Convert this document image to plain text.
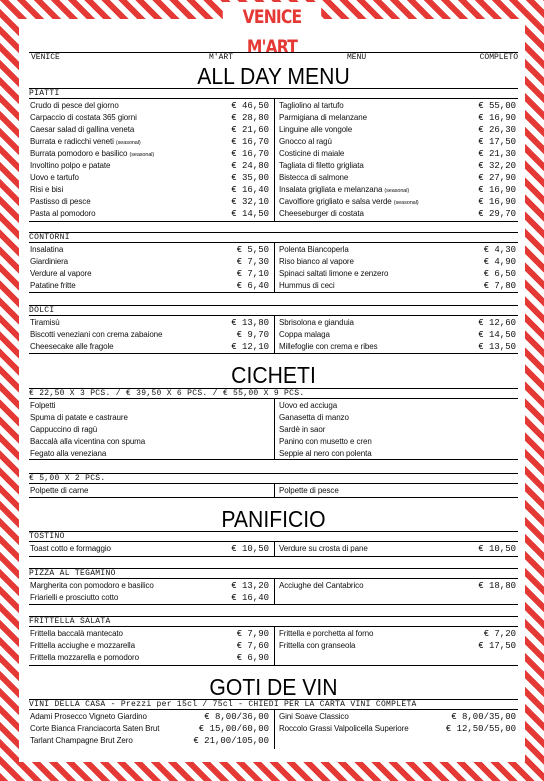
VENICE M'ART
VENICE	M'ART	MENU	COMPLETO
ALL DAY MENU
PIATTI
Crudo di pesce del giorno	€ 46,50
Carpaccio di costata 365 giorni	€ 28,80
Caesar salad di gallina veneta	€ 21,60
Burrata e radicchi veneti (seasonal)	€ 16,70
Burrata pomodoro e basilico (seasonal)	€ 16,70
Involtino polpo e patate	€ 24,80
Uovo e tartufo	€ 35,00
Risi e bisi	€ 16,40
Pastisso di pesce	€ 32,10
Pasta al pomodoro	€ 14,50
Tagliolino al tartufo	€ 55,00
Parmigiana di melanzane	€ 16,90
Linguine alle vongole	€ 26,30
Gnocco al ragù	€ 17,50
Costicine di maiale	€ 21,30
Tagliata di filetto grigliata	€ 32,20
Bistecca di salmone	€ 27,90
Insalata grigliata e melanzana (seasonal)	€ 16,90
Cavolfiore grigliato e salsa verde (seasonal)	€ 16,90
Cheeseburger di costata	€ 29,70
CONTORNI
Insalatina	€ 5,50
Giardiniera	€ 7,30
Verdure al vapore	€ 7,10
Patatine fritte	€ 6,40
Polenta Biancoperla	€ 4,30
Riso bianco al vapore	€ 4,90
Spinaci saltati limone e zenzero	€ 6,50
Hummus di ceci	€ 7,80
DOLCI
Tiramisù	€ 13,80
Biscotti veneziani con crema zabaione	€ 9,70
Cheesecake alle fragole	€ 12,10
Sbrisolona e gianduia	€ 12,60
Coppa malaga	€ 14,50
Millefoglie con crema e ribes	€ 13,50
CICHETI
€ 22,50 X 3 PCS. / € 39,50 X 6 PCS. / € 55,00 X 9 PCS.
Folpetti
Spuma di patate e castraure
Cappuccino di ragù
Baccalà alla vicentina con spuma
Fegato alla veneziana
Uovo ed acciuga
Ganasetta di manzo
Sardè in saor
Panino con musetto e cren
Seppie al nero con polenta
€ 5,00 X 2 PCS.
Polpette di carne	Polpette di pesce
PANIFICIO
TOSTINO
Toast cotto e formaggio	€ 10,50 Verdure su crosta di pane	€ 10,50
PIZZA AL TEGAMINO
Margherita con pomodoro e basilico	€ 13,20
Friarielli e prosciutto cotto	€ 16,40
Acciughe del Cantabrico	€ 18,80
FRITTELLA SALATA
Frittella baccalà mantecato	€ 7,90
Frittella acciughe e mozzarella	€ 7,60
Frittella mozzarella e pomodoro	€ 6,90
Frittella e porchetta al forno	€ 7,20
Frittella con granseola	€ 17,50
GOTI DE VIN
VINI DELLA CASA - Prezzi per 15cl / 75cl - CHIEDI PER LA CARTA VINI COMPLETA
Adami Prosecco Vigneto Giardino	€ 8,00/36,00
Corte Bianca Franciacorta Saten Brut	€ 15,00/60,00
Tarlant Champagne Brut Zero	€ 21,00/105,00
Gini Soave Classico	€ 8,00/35,00
Roccolo Grassi Valpolicella Superiore	€ 12,50/55,00
